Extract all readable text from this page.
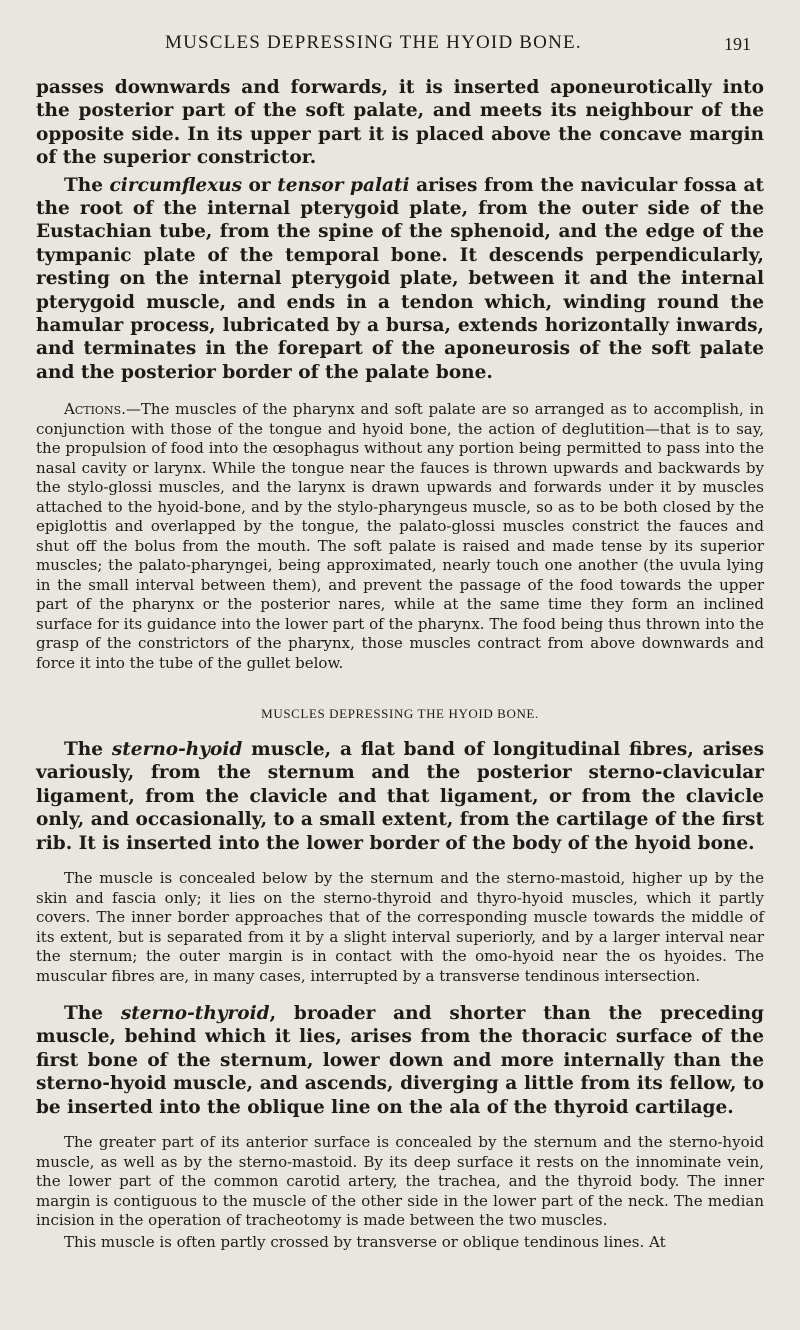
MUSCLES DEPRESSING THE HYOID BONE.	191

passes downwards and forwards, it is inserted aponeurotically into the posterior part of the soft palate, and meets its neighbour of the opposite side. In its upper part it is placed above the concave margin of the superior constrictor.

The circumflexus or tensor palati arises from the navicular fossa at the root of the internal pterygoid plate, from the outer side of the Eustachian tube, from the spine of the sphenoid, and the edge of the tympanic plate of the temporal bone. It descends perpendicularly, resting on the internal pterygoid plate, between it and the internal pterygoid muscle, and ends in a tendon which, winding round the hamular process, lubricated by a bursa, extends horizontally inwards, and terminates in the forepart of the aponeurosis of the soft palate and the posterior border of the palate bone.

Actions.—The muscles of the pharynx and soft palate are so arranged as to accomplish, in conjunction with those of the tongue and hyoid bone, the action of deglutition—that is to say, the propulsion of food into the œsophagus without any portion being permitted to pass into the nasal cavity or larynx. While the tongue near the fauces is thrown upwards and backwards by the stylo-glossi muscles, and the larynx is drawn upwards and forwards under it by muscles attached to the hyoid-bone, and by the stylo-pharyngeus muscle, so as to be both closed by the epiglottis and overlapped by the tongue, the palato-glossi muscles constrict the fauces and shut off the bolus from the mouth. The soft palate is raised and made tense by its superior muscles; the palato-pharyngei, being approximated, nearly touch one another (the uvula lying in the small interval between them), and prevent the passage of the food towards the upper part of the pharynx or the posterior nares, while at the same time they form an inclined surface for its guidance into the lower part of the pharynx. The food being thus thrown into the grasp of the constrictors of the pharynx, those muscles contract from above downwards and force it into the tube of the gullet below.

MUSCLES DEPRESSING THE HYOID BONE.

The sterno-hyoid muscle, a flat band of longitudinal fibres, arises variously, from the sternum and the posterior sterno-clavicular ligament, from the clavicle and that ligament, or from the clavicle only, and occasionally, to a small extent, from the cartilage of the first rib. It is inserted into the lower border of the body of the hyoid bone.

The muscle is concealed below by the sternum and the sterno-mastoid, higher up by the skin and fascia only; it lies on the sterno-thyroid and thyro-hyoid muscles, which it partly covers. The inner border approaches that of the corresponding muscle towards the middle of its extent, but is separated from it by a slight interval superiorly, and by a larger interval near the sternum; the outer margin is in contact with the omo-hyoid near the os hyoides. The muscular fibres are, in many cases, interrupted by a transverse tendinous intersection.

The sterno-thyroid, broader and shorter than the preceding muscle, behind which it lies, arises from the thoracic surface of the first bone of the sternum, lower down and more internally than the sterno-hyoid muscle, and ascends, diverging a little from its fellow, to be inserted into the oblique line on the ala of the thyroid cartilage.

The greater part of its anterior surface is concealed by the sternum and the sterno-hyoid muscle, as well as by the sterno-mastoid. By its deep surface it rests on the innominate vein, the lower part of the common carotid artery, the trachea, and the thyroid body. The inner margin is contiguous to the muscle of the other side in the lower part of the neck. The median incision in the operation of tracheotomy is made between the two muscles.

This muscle is often partly crossed by transverse or oblique tendinous lines. At
